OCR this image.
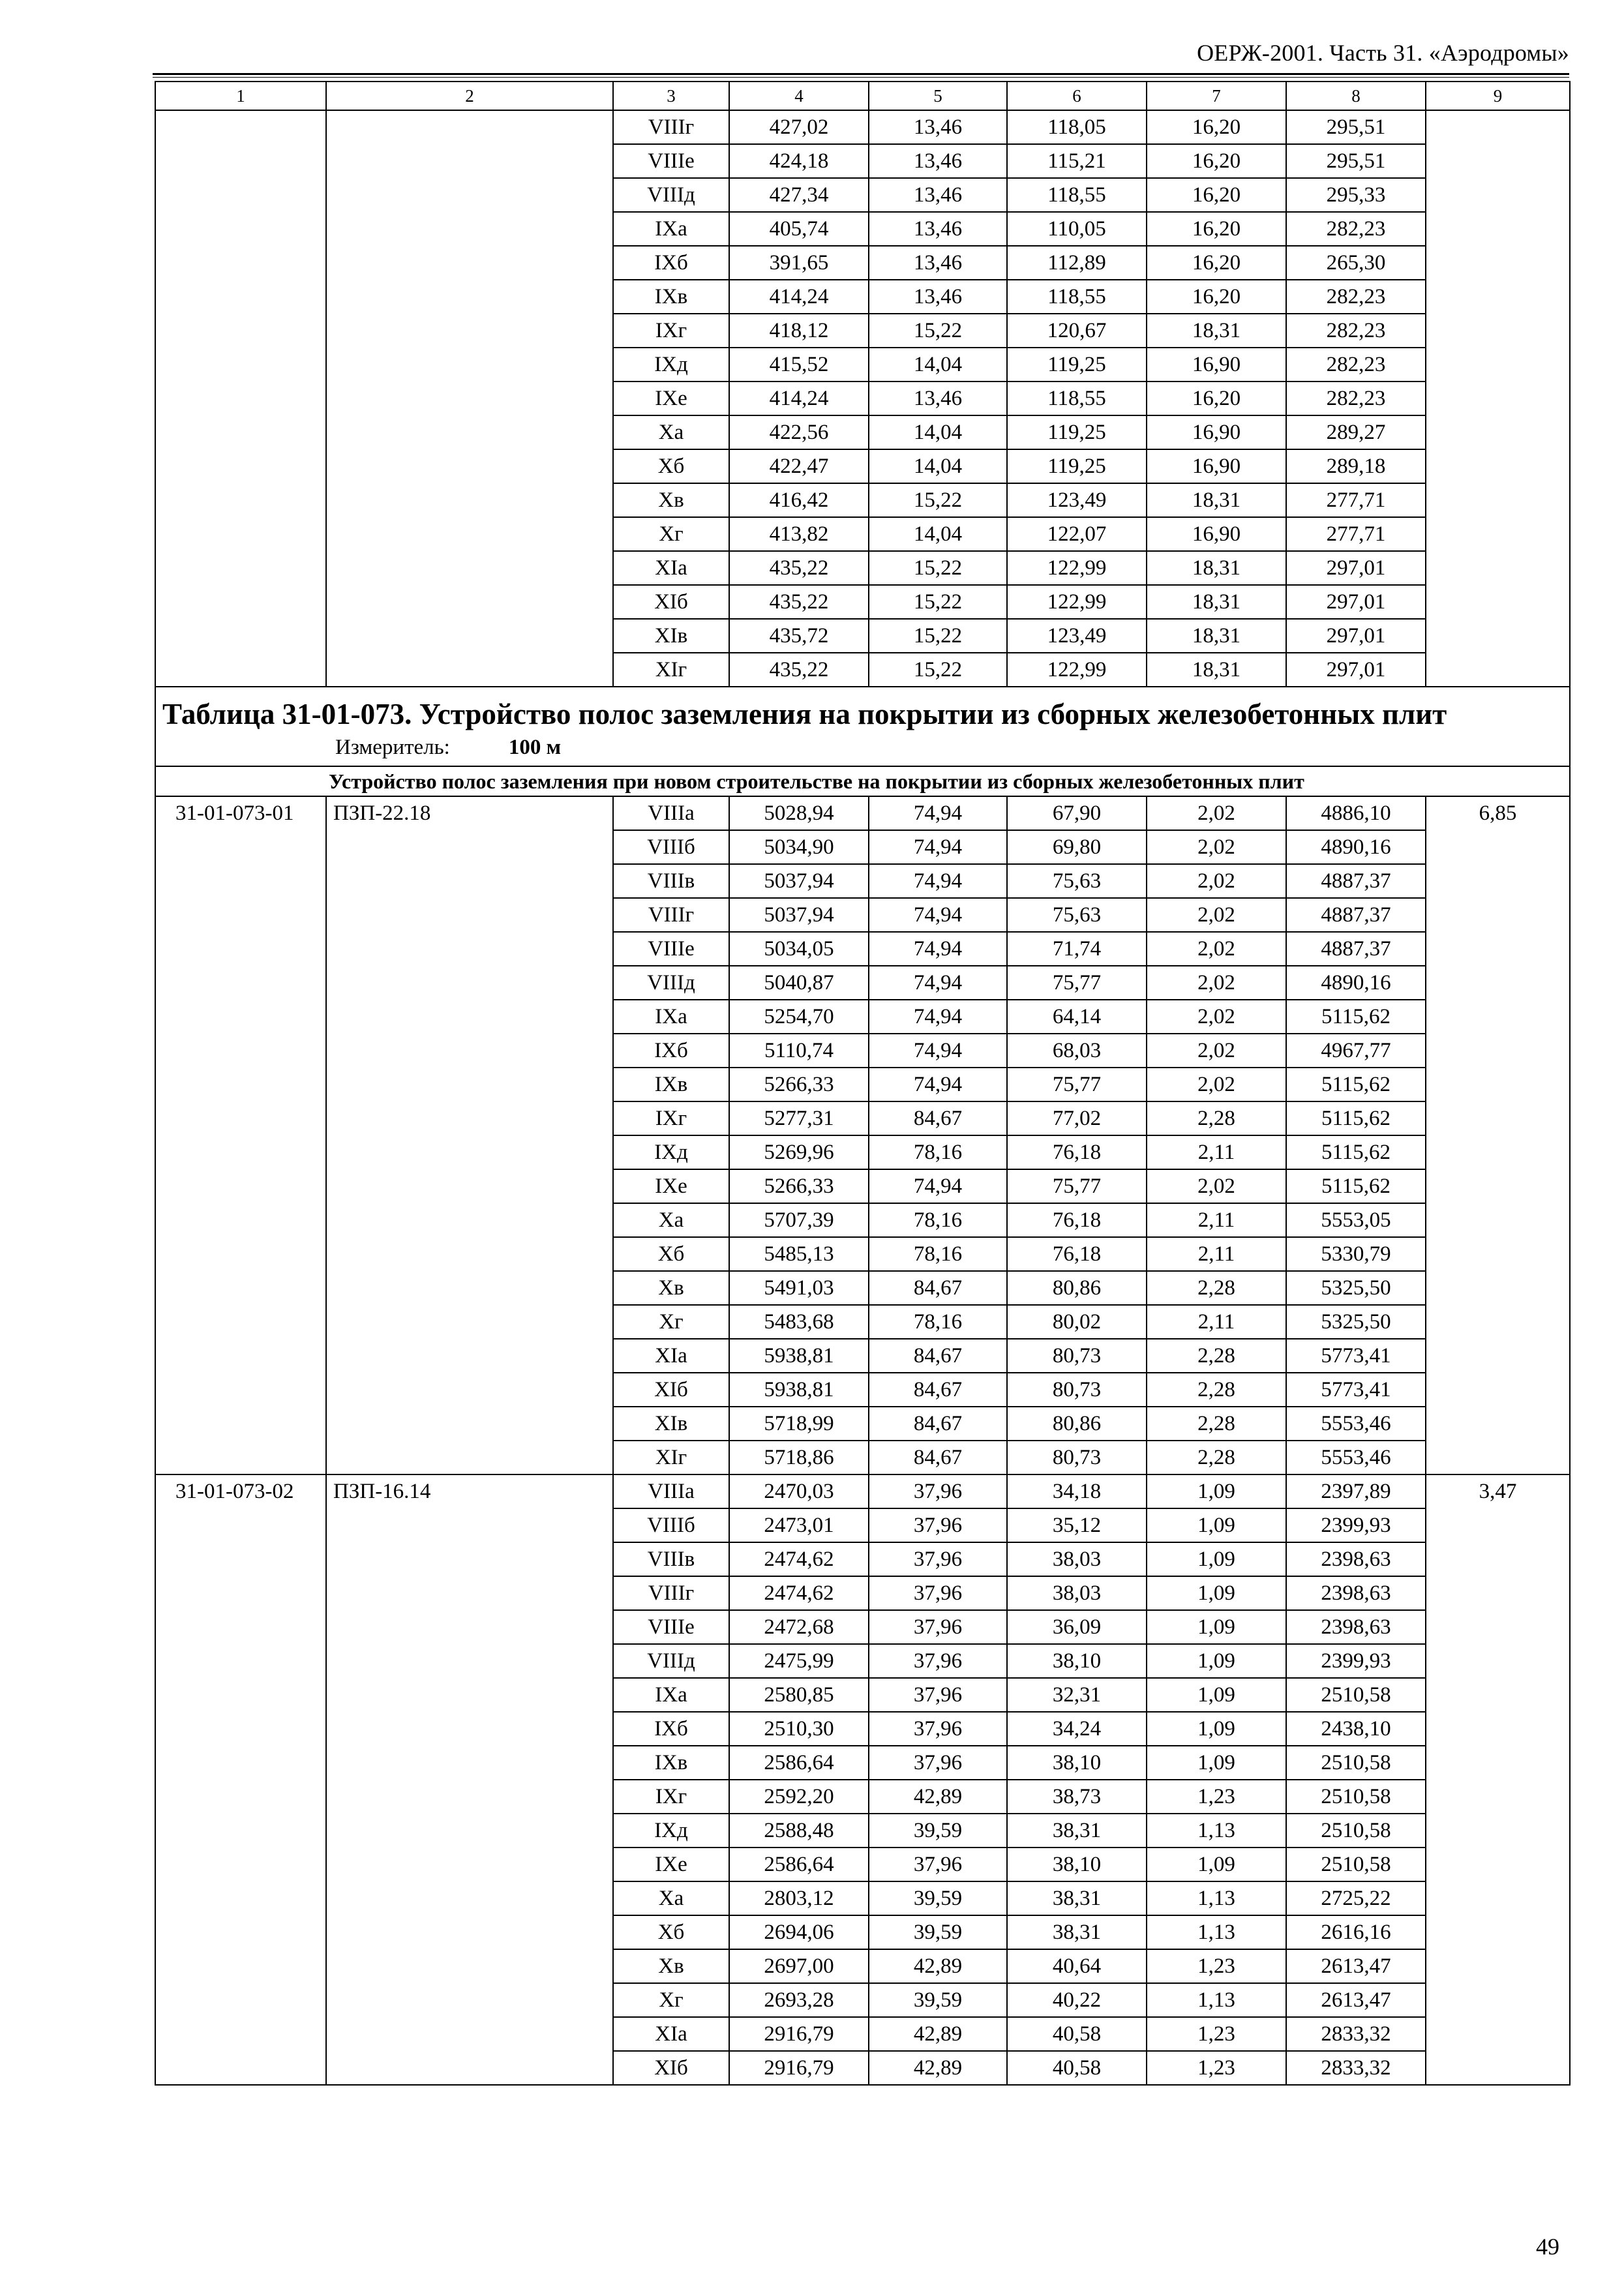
ОЕРЖ-2001. Часть 31. «Аэродромы»
1	2	3	4	5	6	7	8	9
		VIIIг	427,02	13,46	118,05	16,20	295,51	
		VIIIе	424,18	13,46	115,21	16,20	295,51	
		VIIIд	427,34	13,46	118,55	16,20	295,33	
		IXа	405,74	13,46	110,05	16,20	282,23	
		IXб	391,65	13,46	112,89	16,20	265,30	
		IXв	414,24	13,46	118,55	16,20	282,23	
		IXг	418,12	15,22	120,67	18,31	282,23	
		IXд	415,52	14,04	119,25	16,90	282,23	
		IXе	414,24	13,46	118,55	16,20	282,23	
		Xа	422,56	14,04	119,25	16,90	289,27	
		Xб	422,47	14,04	119,25	16,90	289,18	
		Xв	416,42	15,22	123,49	18,31	277,71	
		Xг	413,82	14,04	122,07	16,90	277,71	
		XIа	435,22	15,22	122,99	18,31	297,01	
		XIб	435,22	15,22	122,99	18,31	297,01	
		XIв	435,72	15,22	123,49	18,31	297,01	
		XIг	435,22	15,22	122,99	18,31	297,01	
Таблица 31-01-073. Устройство полос заземления на покрытии из сборных железобетонных плит
Измеритель: 100 м								

Устройство полос заземления при новом строительстве на покрытии из сборных железобетонных плит								
31-01-073-01	ПЗП-22.18	VIIIа	5028,94	74,94	67,90	2,02	4886,10	6,85
		VIIIб	5034,90	74,94	69,80	2,02	4890,16	
		VIIIв	5037,94	74,94	75,63	2,02	4887,37	
		VIIIг	5037,94	74,94	75,63	2,02	4887,37	
		VIIIе	5034,05	74,94	71,74	2,02	4887,37	
		VIIIд	5040,87	74,94	75,77	2,02	4890,16	
		IXа	5254,70	74,94	64,14	2,02	5115,62	
		IXб	5110,74	74,94	68,03	2,02	4967,77	
		IXв	5266,33	74,94	75,77	2,02	5115,62	
		IXг	5277,31	84,67	77,02	2,28	5115,62	
		IXд	5269,96	78,16	76,18	2,11	5115,62	
		IXе	5266,33	74,94	75,77	2,02	5115,62	
		Xа	5707,39	78,16	76,18	2,11	5553,05	
		Xб	5485,13	78,16	76,18	2,11	5330,79	
		Xв	5491,03	84,67	80,86	2,28	5325,50	
		Xг	5483,68	78,16	80,02	2,11	5325,50	
		XIа	5938,81	84,67	80,73	2,28	5773,41	
		XIб	5938,81	84,67	80,73	2,28	5773,41	
		XIв	5718,99	84,67	80,86	2,28	5553,46	
		XIг	5718,86	84,67	80,73	2,28	5553,46	
31-01-073-02	ПЗП-16.14	VIIIа	2470,03	37,96	34,18	1,09	2397,89	3,47
		VIIIб	2473,01	37,96	35,12	1,09	2399,93	
		VIIIв	2474,62	37,96	38,03	1,09	2398,63	
		VIIIг	2474,62	37,96	38,03	1,09	2398,63	
		VIIIе	2472,68	37,96	36,09	1,09	2398,63	
		VIIIд	2475,99	37,96	38,10	1,09	2399,93	
		IXа	2580,85	37,96	32,31	1,09	2510,58	
		IXб	2510,30	37,96	34,24	1,09	2438,10	
		IXв	2586,64	37,96	38,10	1,09	2510,58	
		IXг	2592,20	42,89	38,73	1,23	2510,58	
		IXд	2588,48	39,59	38,31	1,13	2510,58	
		IXе	2586,64	37,96	38,10	1,09	2510,58	
		Xа	2803,12	39,59	38,31	1,13	2725,22	
		Xб	2694,06	39,59	38,31	1,13	2616,16	
		Xв	2697,00	42,89	40,64	1,23	2613,47	
		Xг	2693,28	39,59	40,22	1,13	2613,47	
		XIа	2916,79	42,89	40,58	1,23	2833,32	
		XIб	2916,79	42,89	40,58	1,23	2833,32	
49
